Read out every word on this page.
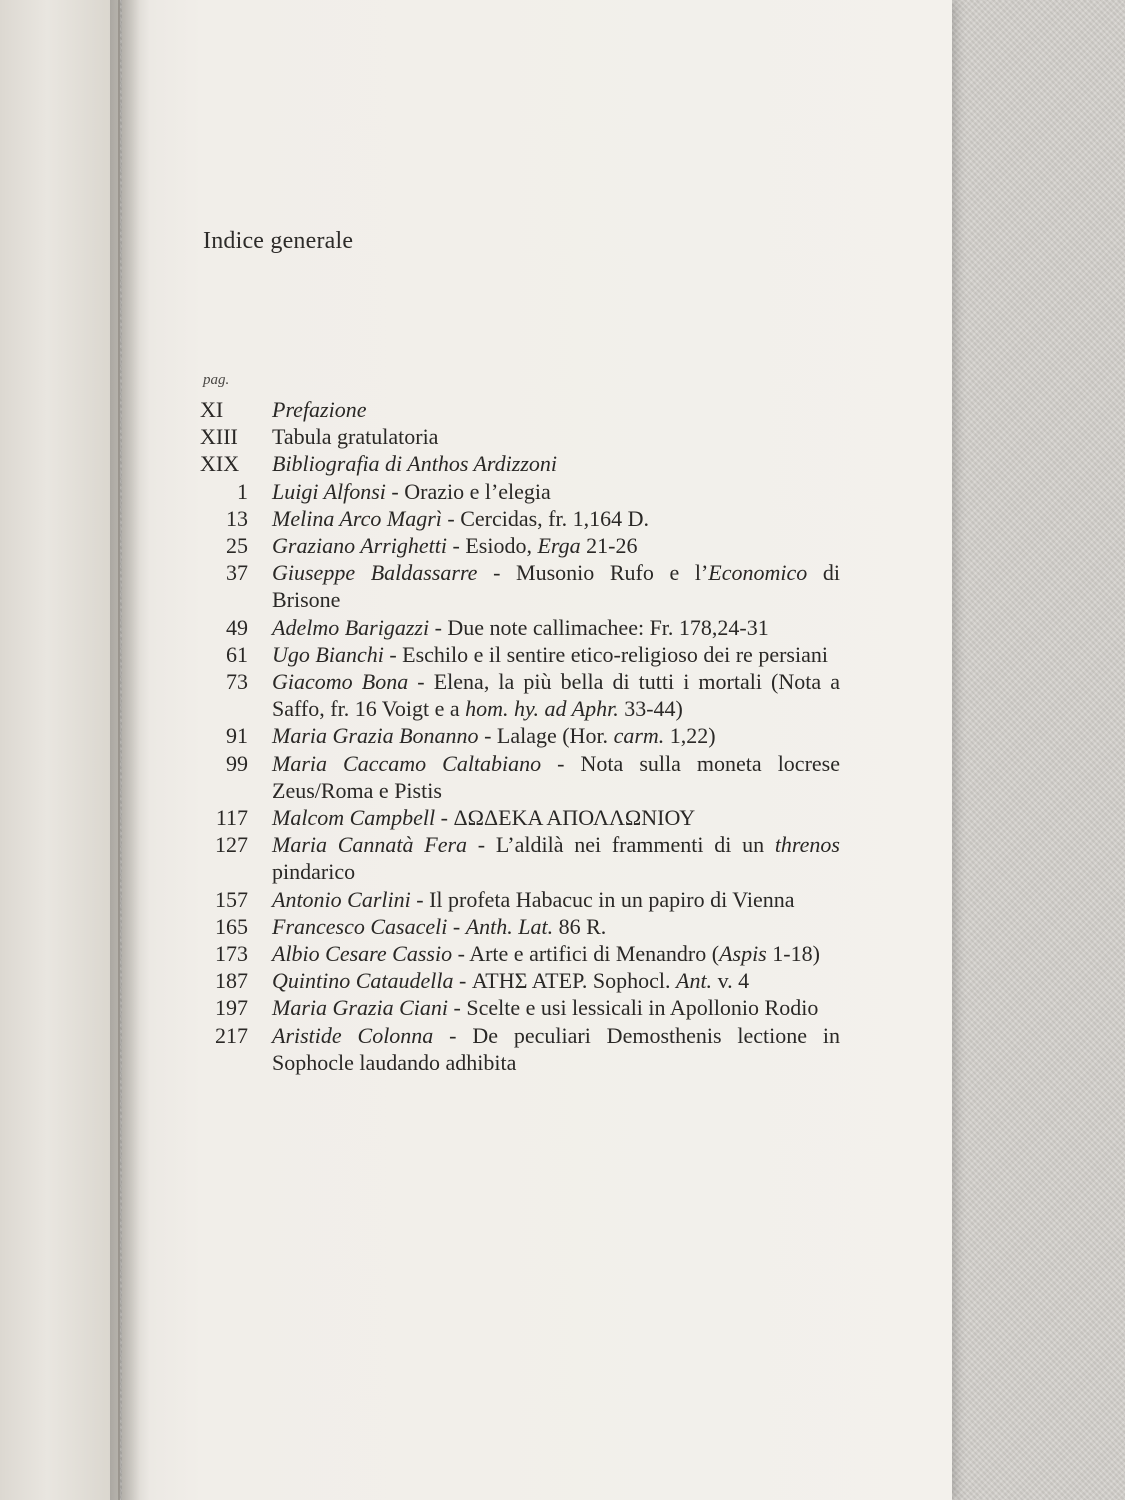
Indice generale
pag.
XI	Prefazione
XIII	Tabula gratulatoria
XIX	Bibliografia di Anthos Ardizzoni
1 Luigi Alfonsi - Orazio e l’elegia
13 Melina Arco Magrì - Cercidas, fr. 1,164 D.
25 Graziano Arrighetti - Esiodo, Erga 21-26
37 Giuseppe Baldassarre - Musonio Rufo e l’Economico di Brisone
49 Adelmo Barigazzi - Due note callimachee: Fr. 178,24-31
61 Ugo Bianchi - Eschilo e il sentire etico-religioso dei re persiani
73 Giacomo Bona - Elena, la più bella di tutti i mortali (Nota a Saffo, fr. 16 Voigt e a hom. hy. ad Aphr. 33-44)
91 Maria Grazia Bonanno - Lalage (Hor. carm. 1,22)
99 Maria Caccamo Caltabiano - Nota sulla moneta locrese Zeus/Roma e Pistis
117 Malcom Campbell - ΔΩΔΕΚΑ ΑΠΟΛΛΩΝΙΟΥ
127 Maria Cannatà Fera - L’aldilà nei frammenti di un threnos pindarico
157 Antonio Carlini - Il profeta Habacuc in un papiro di Vienna
165 Francesco Casaceli - Anth. Lat. 86 R.
173 Albio Cesare Cassio - Arte e artifici di Menandro (Aspis 1-18)
187 Quintino Cataudella - ΑΤΗΣ ΑΤΕΡ. Sophocl. Ant. v. 4
197 Maria Grazia Ciani - Scelte e usi lessicali in Apollonio Rodio
217 Aristide Colonna - De peculiari Demosthenis lectione in Sophocle laudando adhibita
